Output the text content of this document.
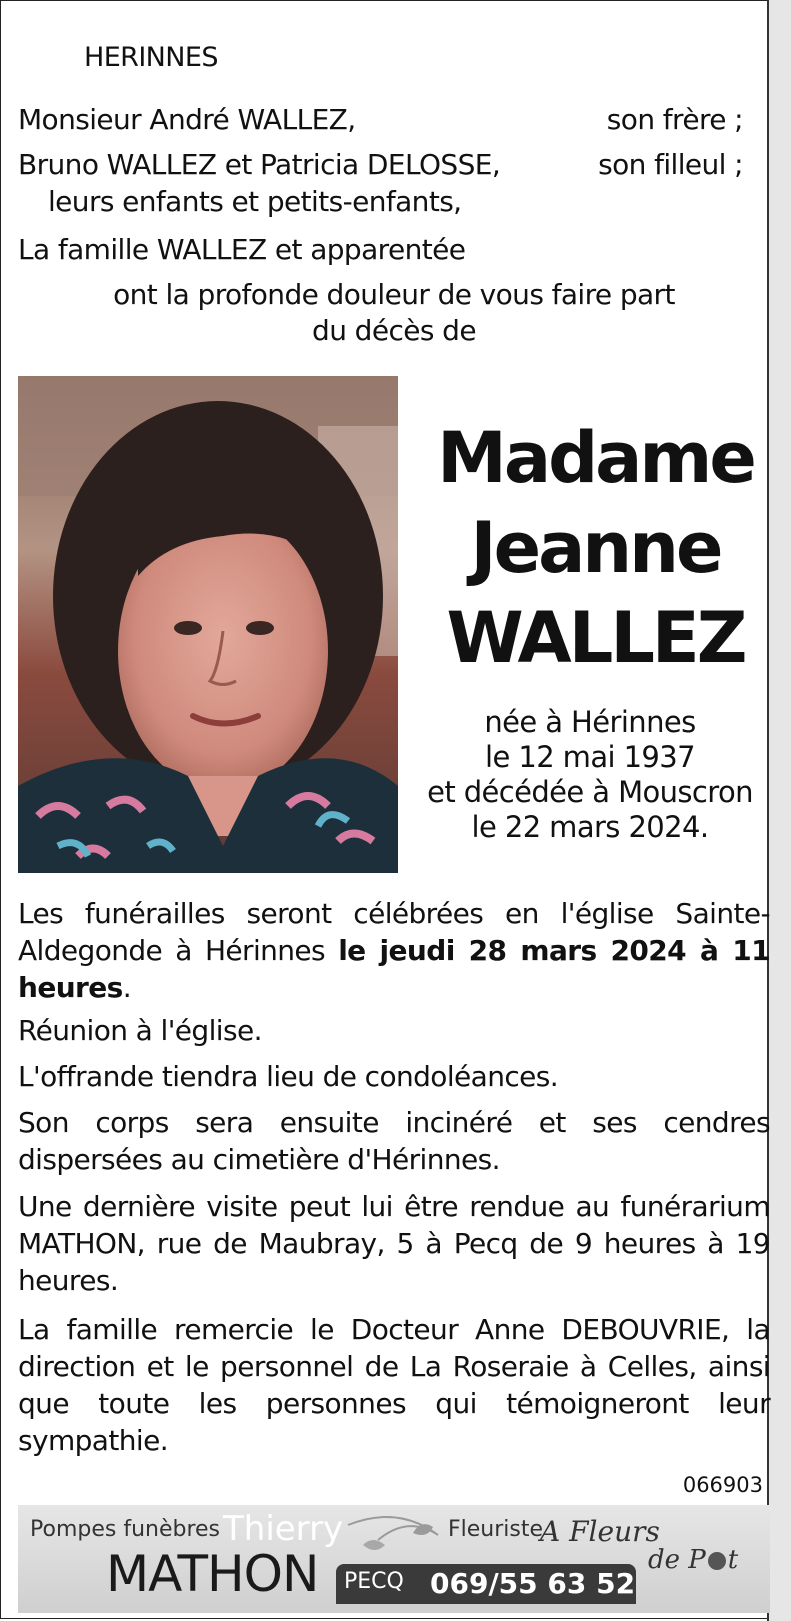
HERINNES
Monsieur André WALLEZ,	son frère ;
Bruno WALLEZ et Patricia DELOSSE,	son filleul ;
leurs enfants et petits-enfants,
La famille WALLEZ et apparentée
ont la profonde douleur de vous faire part
du décès de
Madame
Jeanne
WALLEZ
née à Hérinnes
le 12 mai 1937
et décédée à Mouscron
le 22 mars 2024.
Les funérailles seront célébrées en l'église Sainte-Aldegonde à Hérinnes le jeudi 28 mars 2024 à 11 heures.
Réunion à l'église.
L'offrande tiendra lieu de condoléances.
Son corps sera ensuite incinéré et ses cendres dispersées au cimetière d'Hérinnes.
Une dernière visite peut lui être rendue au funérarium MATHON, rue de Maubray, 5 à Pecq de 9 heures à 19 heures.
La famille remercie le Docteur Anne DEBOUVRIE, la direction et le personnel de La Roseraie à Celles, ainsi que toute les personnes qui témoigneront leur sympathie.
066903
Pompes funèbres Thierry
MATHON PECQ 069/55 63 52
Fleuriste
A Fleurs
de P t
